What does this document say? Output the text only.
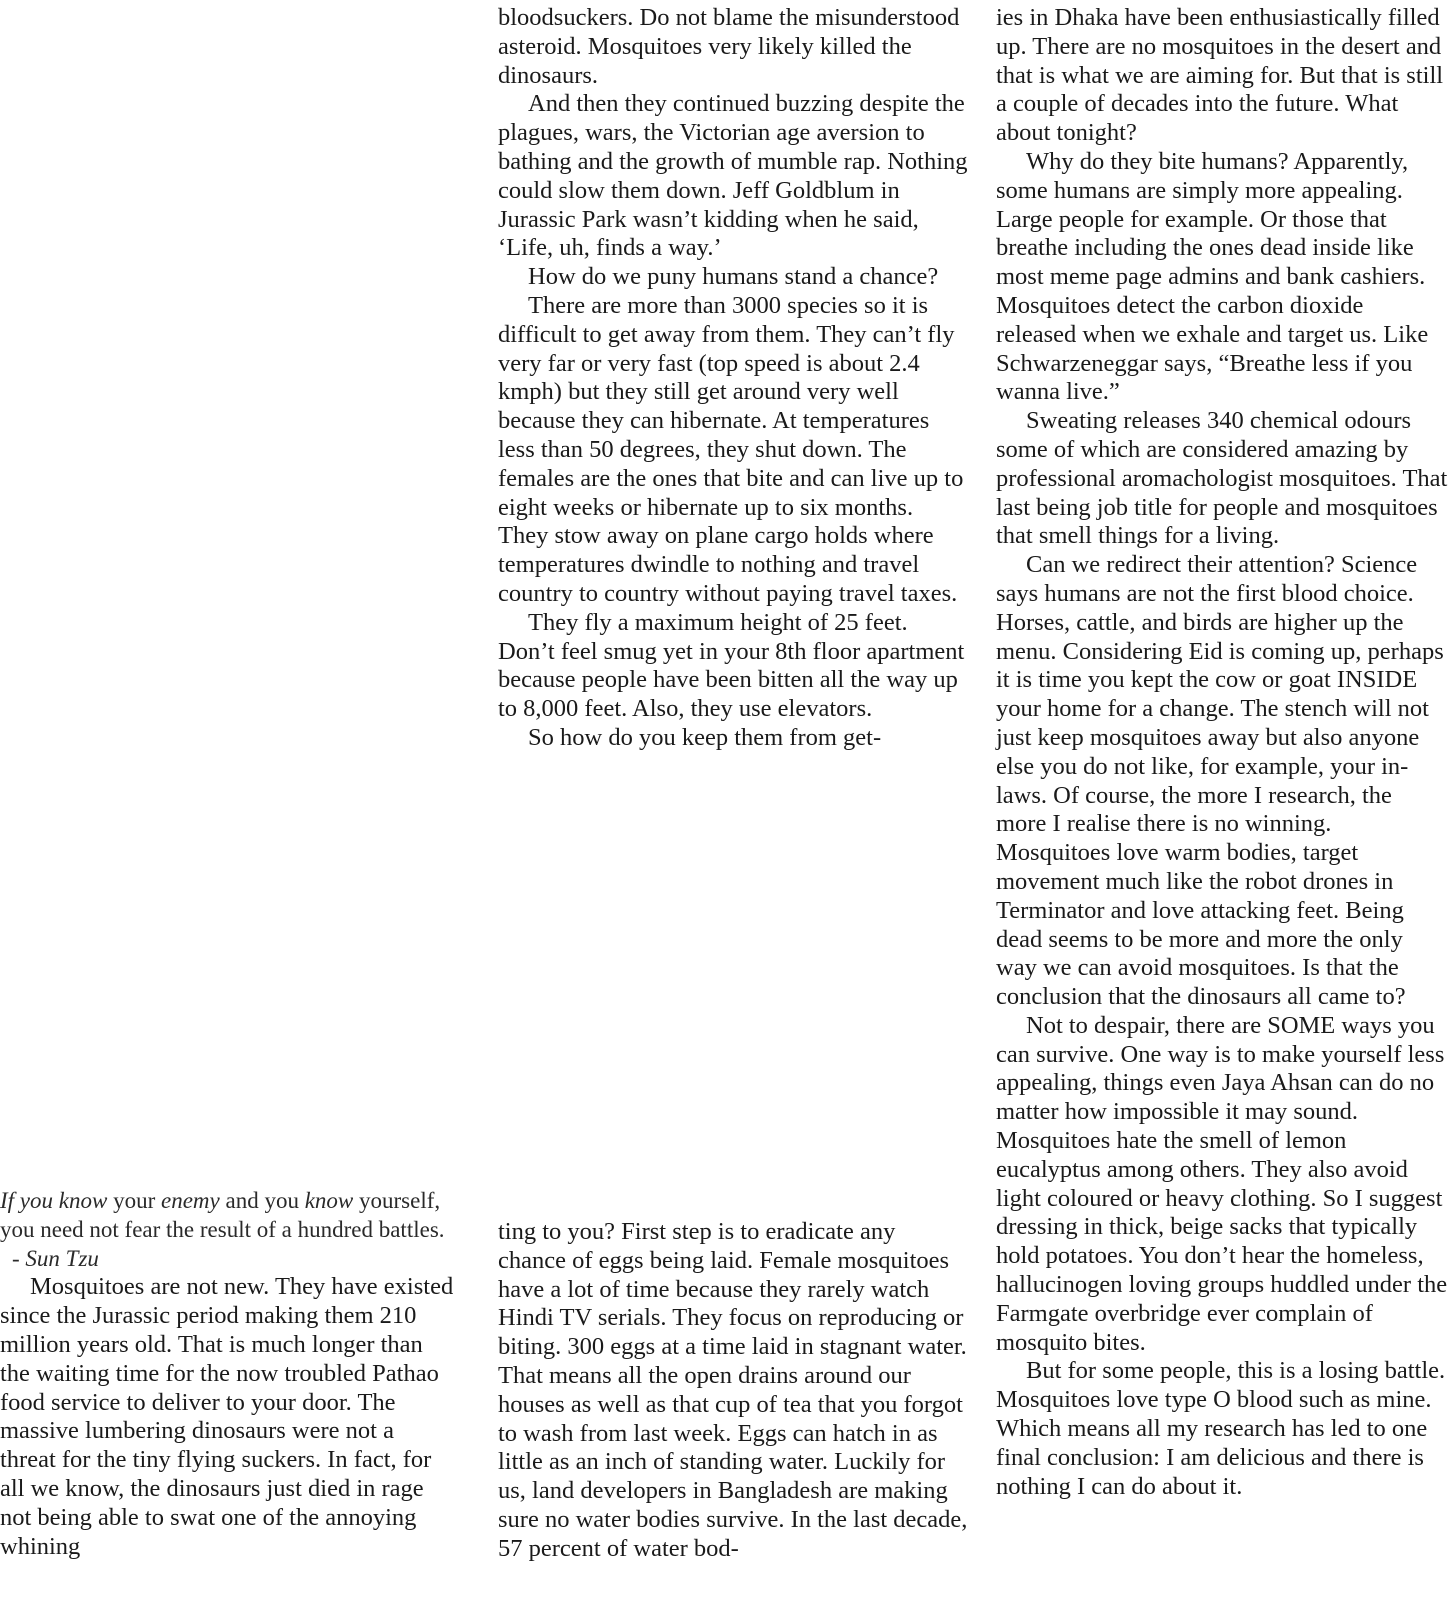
If you know your enemy and you know yourself, you need not fear the result of a hundred battles.

- Sun Tzu

Mosquitoes are not new. They have existed since the Jurassic period making them 210 million years old. That is much longer than the waiting time for the now troubled Pathao food service to deliver to your door. The massive lumbering dinosaurs were not a threat for the tiny flying suckers. In fact, for all we know, the dinosaurs just died in rage not being able to swat one of the annoying whining

bloodsuckers. Do not blame the misunderstood asteroid. Mosquitoes very likely killed the dinosaurs.

And then they continued buzzing despite the plagues, wars, the Victorian age aversion to bathing and the growth of mumble rap. Nothing could slow them down. Jeff Goldblum in Jurassic Park wasn’t kidding when he said, ‘Life, uh, finds a way.’

How do we puny humans stand a chance?

There are more than 3000 species so it is difficult to get away from them. They can’t fly very far or very fast (top speed is about 2.4 kmph) but they still get around very well because they can hibernate. At temperatures less than 50 degrees, they shut down. The females are the ones that bite and can live up to eight weeks or hibernate up to six months. They stow away on plane cargo holds where temperatures dwindle to nothing and travel country to country without paying travel taxes.

They fly a maximum height of 25 feet. Don’t feel smug yet in your 8th floor apartment because people have been bitten all the way up to 8,000 feet. Also, they use elevators.

So how do you keep them from get-

ting to you? First step is to eradicate any chance of eggs being laid. Female mosquitoes have a lot of time because they rarely watch Hindi TV serials. They focus on reproducing or biting. 300 eggs at a time laid in stagnant water. That means all the open drains around our houses as well as that cup of tea that you forgot to wash from last week. Eggs can hatch in as little as an inch of standing water. Luckily for us, land developers in Bangladesh are making sure no water bodies survive. In the last decade, 57 percent of water bod-

ies in Dhaka have been enthusiastically filled up. There are no mosquitoes in the desert and that is what we are aiming for. But that is still a couple of decades into the future. What about tonight?

Why do they bite humans? Apparently, some humans are simply more appealing. Large people for example. Or those that breathe including the ones dead inside like most meme page admins and bank cashiers. Mosquitoes detect the carbon dioxide released when we exhale and target us. Like Schwarzeneggar says, “Breathe less if you wanna live.”

Sweating releases 340 chemical odours some of which are considered amazing by professional aromachologist mosquitoes. That last being job title for people and mosquitoes that smell things for a living.

Can we redirect their attention? Science says humans are not the first blood choice. Horses, cattle, and birds are higher up the menu. Considering Eid is coming up, perhaps it is time you kept the cow or goat INSIDE your home for a change. The stench will not just keep mosquitoes away but also anyone else you do not like, for example, your in-laws. Of course, the more I research, the more I realise there is no winning. Mosquitoes love warm bodies, target movement much like the robot drones in Terminator and love attacking feet. Being dead seems to be more and more the only way we can avoid mosquitoes. Is that the conclusion that the dinosaurs all came to?

Not to despair, there are SOME ways you can survive. One way is to make yourself less appealing, things even Jaya Ahsan can do no matter how impossible it may sound. Mosquitoes hate the smell of lemon eucalyptus among others. They also avoid light coloured or heavy clothing. So I suggest dressing in thick, beige sacks that typically hold potatoes. You don’t hear the homeless, hallucinogen loving groups huddled under the Farmgate overbridge ever complain of mosquito bites.

But for some people, this is a losing battle. Mosquitoes love type O blood such as mine. Which means all my research has led to one final conclusion: I am delicious and there is nothing I can do about it.
